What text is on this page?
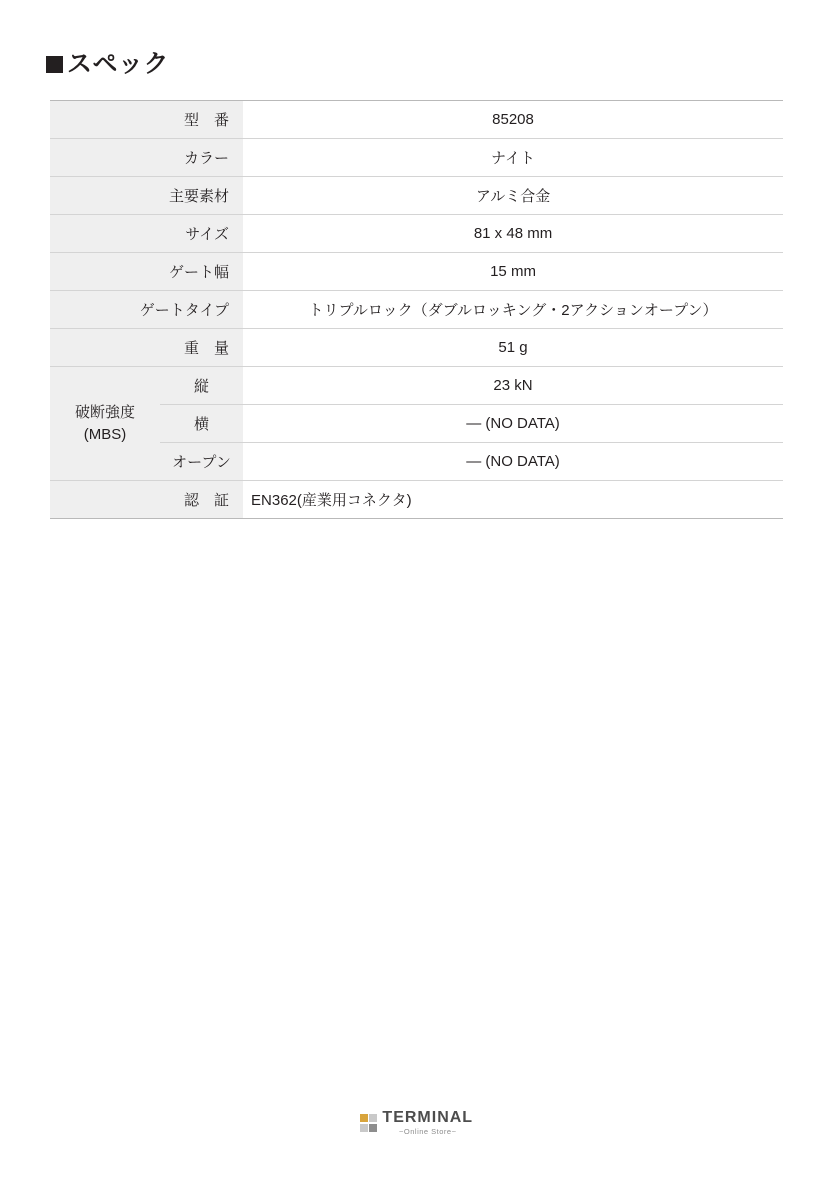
スペック
型　番		85208
カラー		ナイト
主要素材		アルミ合金
サイズ		81 x 48 mm
ゲート幅		15 mm
ゲートタイプ		トリプルロック（ダブルロッキング・2アクションオープン）
重　量		51 g

破断強度
(MBS)	縦	23 kN
	横	― (NO DATA)
	オープン	― (NO DATA)
認　証		EN362(産業用コネクタ)
TERMINAL
~Online Store~
